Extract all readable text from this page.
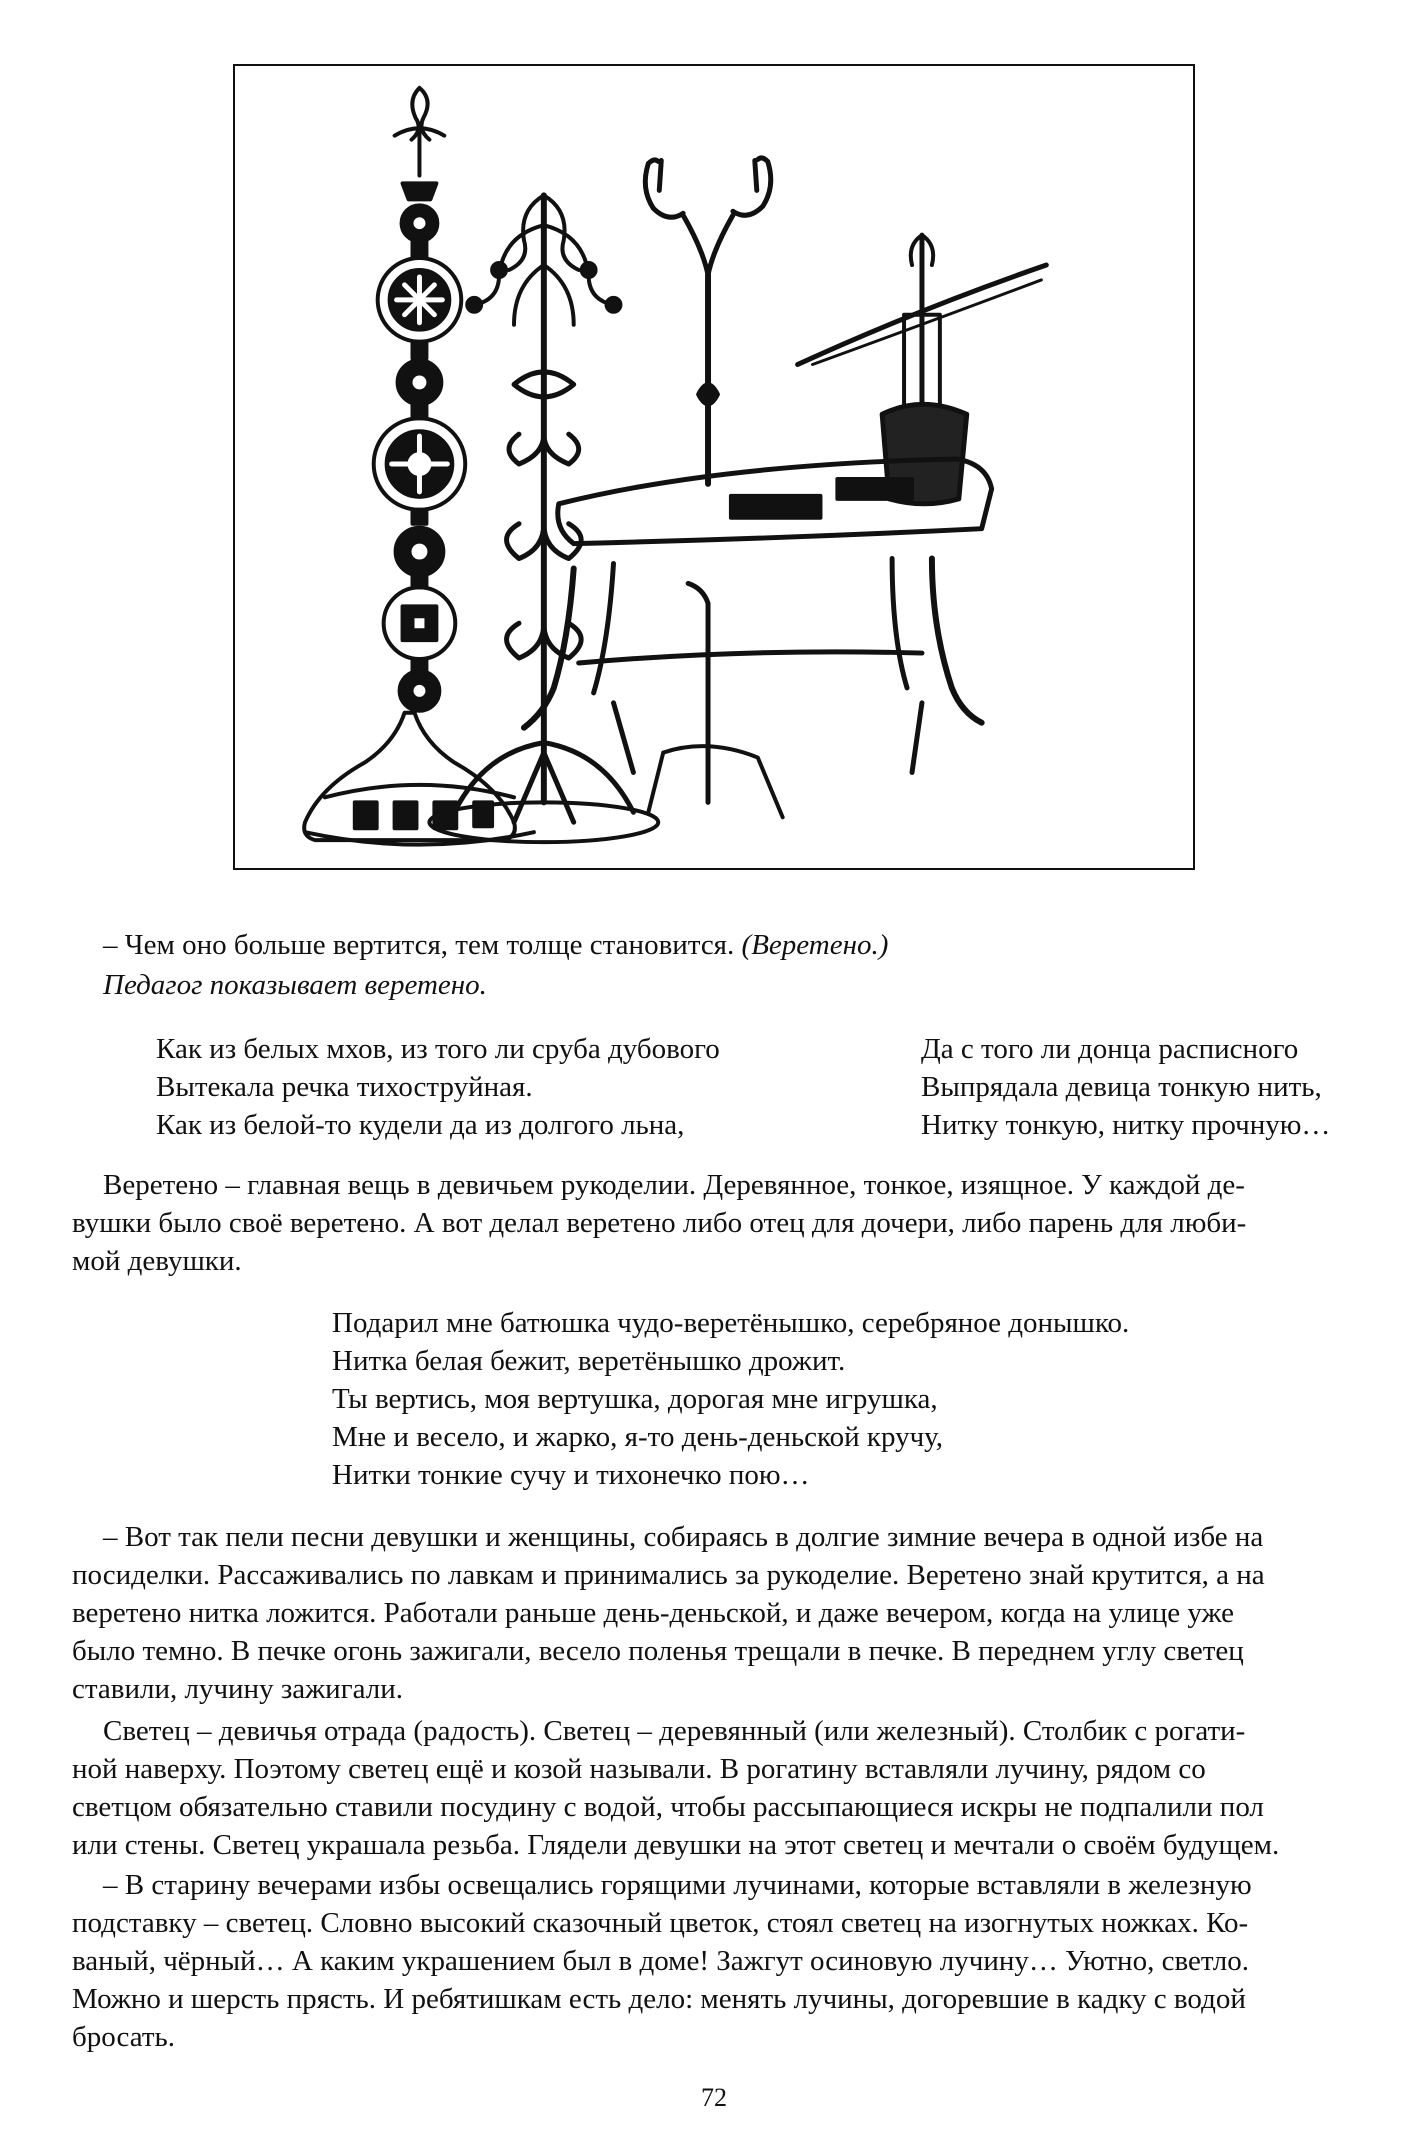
– Чем оно больше вертится, тем толще становится. (Веретено.)
Педагог показывает веретено.
Как из белых мхов, из того ли сруба дубового
Вытекала речка тихоструйная.
Как из белой-то кудели да из долгого льна,
Да с того ли донца расписного
Выпрядала девица тонкую нить,
Нитку тонкую, нитку прочную…
Веретено – главная вещь в девичьем рукоделии. Деревянное, тонкое, изящное. У каждой де-
вушки было своё веретено. А вот делал веретено либо отец для дочери, либо парень для люби-
мой девушки.
Подарил мне батюшка чудо-веретёнышко, серебряное донышко.
Нитка белая бежит, веретёнышко дрожит.
Ты вертись, моя вертушка, дорогая мне игрушка,
Мне и весело, и жарко, я-то день-деньской кручу,
Нитки тонкие сучу и тихонечко пою…
– Вот так пели песни девушки и женщины, собираясь в долгие зимние вечера в одной избе на
посиделки. Рассаживались по лавкам и принимались за рукоделие. Веретено знай крутится, а на
веретено нитка ложится. Работали раньше день-деньской, и даже вечером, когда на улице уже
было темно. В печке огонь зажигали, весело поленья трещали в печке. В переднем углу светец
ставили, лучину зажигали.
Светец – девичья отрада (радость). Светец – деревянный (или железный). Столбик с рогати-
ной наверху. Поэтому светец ещё и козой называли. В рогатину вставляли лучину, рядом со
светцом обязательно ставили посудину с водой, чтобы рассыпающиеся искры не подпалили пол
или стены. Светец украшала резьба. Глядели девушки на этот светец и мечтали о своём будущем.
– В старину вечерами избы освещались горящими лучинами, которые вставляли в железную
подставку – светец. Словно высокий сказочный цветок, стоял светец на изогнутых ножках. Ко-
ваный, чёрный… А каким украшением был в доме! Зажгут осиновую лучину… Уютно, светло.
Можно и шерсть прясть. И ребятишкам есть дело: менять лучины, догоревшие в кадку с водой
бросать.
72
